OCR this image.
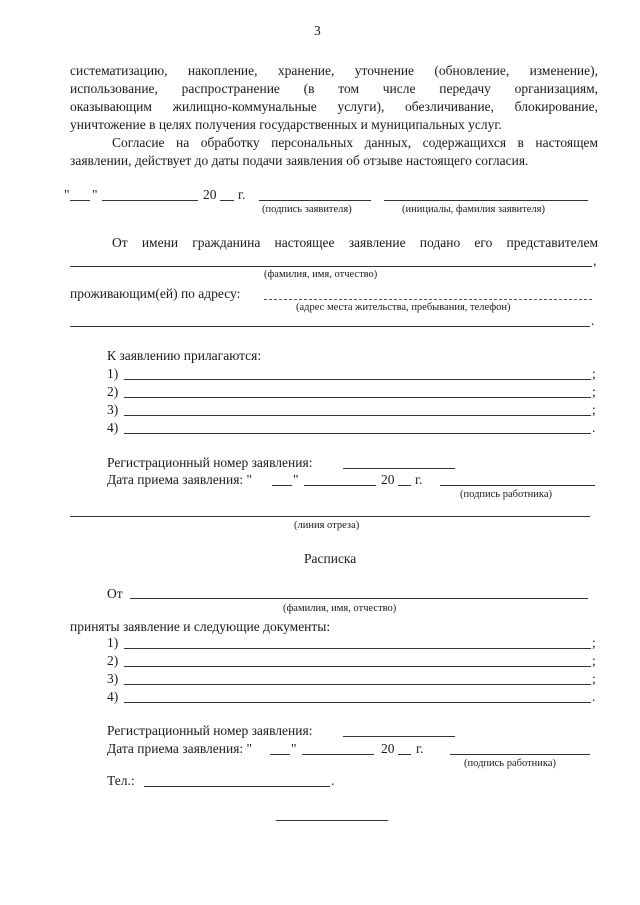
3
систематизацию, накопление, хранение, уточнение (обновление, изменение),
использование, распространение (в том числе передачу организациям,
оказывающим жилищно-коммунальные услуги), обезличивание, блокирование,
уничтожение в целях получения государственных и муниципальных услуг.
Согласие на обработку персональных данных, содержащихся в настоящем
заявлении, действует до даты подачи заявления об отзыве настоящего согласия.
" "	20 г.
(подпись заявителя)	(инициалы, фамилия заявителя)
От имени гражданина настоящее заявление подано его представителем
,
(фамилия, имя, отчество)
проживающим(ей) по адресу:
(адрес места жительства, пребывания, телефон)
.
К заявлению прилагаются:
1)	;
2)	;
3)	;
4)	.
Регистрационный номер заявления:
Дата приема заявления: "	"	20 г.
(подпись работника)
(линия отреза)
Расписка
От
(фамилия, имя, отчество)
приняты заявление и следующие документы:
1)	;
2)	;
3)	;
4)	.
Регистрационный номер заявления:
Дата приема заявления: "	"	20 г.
(подпись работника)
Тел.:	.
